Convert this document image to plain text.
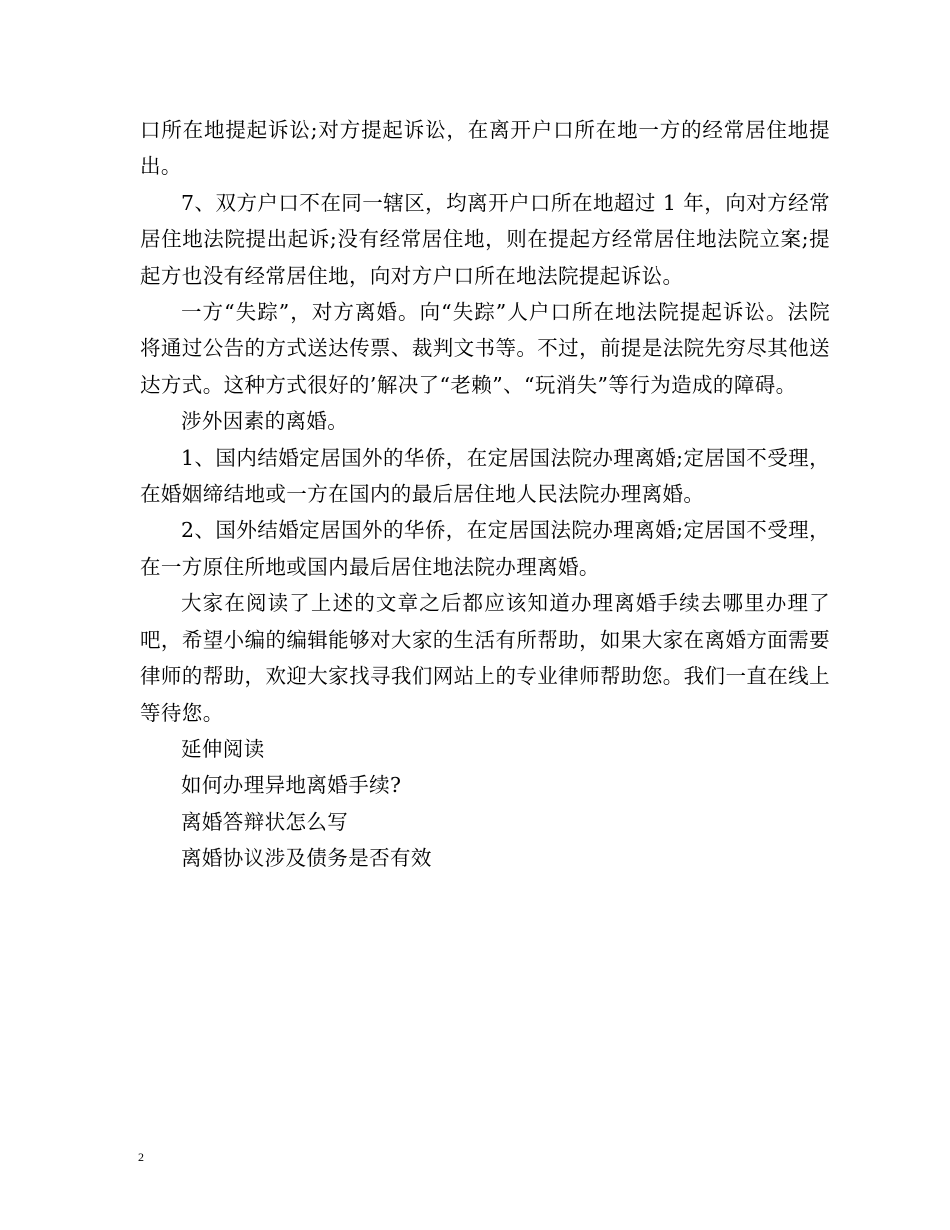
口所在地提起诉讼;对方提起诉讼，在离开户口所在地一方的经常居住地提出。

7、双方户口不在同一辖区，均离开户口所在地超过 1 年，向对方经常居住地法院提出起诉;没有经常居住地，则在提起方经常居住地法院立案;提起方也没有经常居住地，向对方户口所在地法院提起诉讼。

一方“失踪”，对方离婚。向“失踪”人户口所在地法院提起诉讼。法院将通过公告的方式送达传票、裁判文书等。不过，前提是法院先穷尽其他送达方式。这种方式很好的’解决了“老赖”、“玩消失”等行为造成的障碍。

涉外因素的离婚。

1、国内结婚定居国外的华侨，在定居国法院办理离婚;定居国不受理，在婚姻缔结地或一方在国内的最后居住地人民法院办理离婚。

2、国外结婚定居国外的华侨，在定居国法院办理离婚;定居国不受理，在一方原住所地或国内最后居住地法院办理离婚。

大家在阅读了上述的文章之后都应该知道办理离婚手续去哪里办理了吧，希望小编的编辑能够对大家的生活有所帮助，如果大家在离婚方面需要律师的帮助，欢迎大家找寻我们网站上的专业律师帮助您。我们一直在线上等待您。

延伸阅读

如何办理异地离婚手续?

离婚答辩状怎么写

离婚协议涉及债务是否有效

2
